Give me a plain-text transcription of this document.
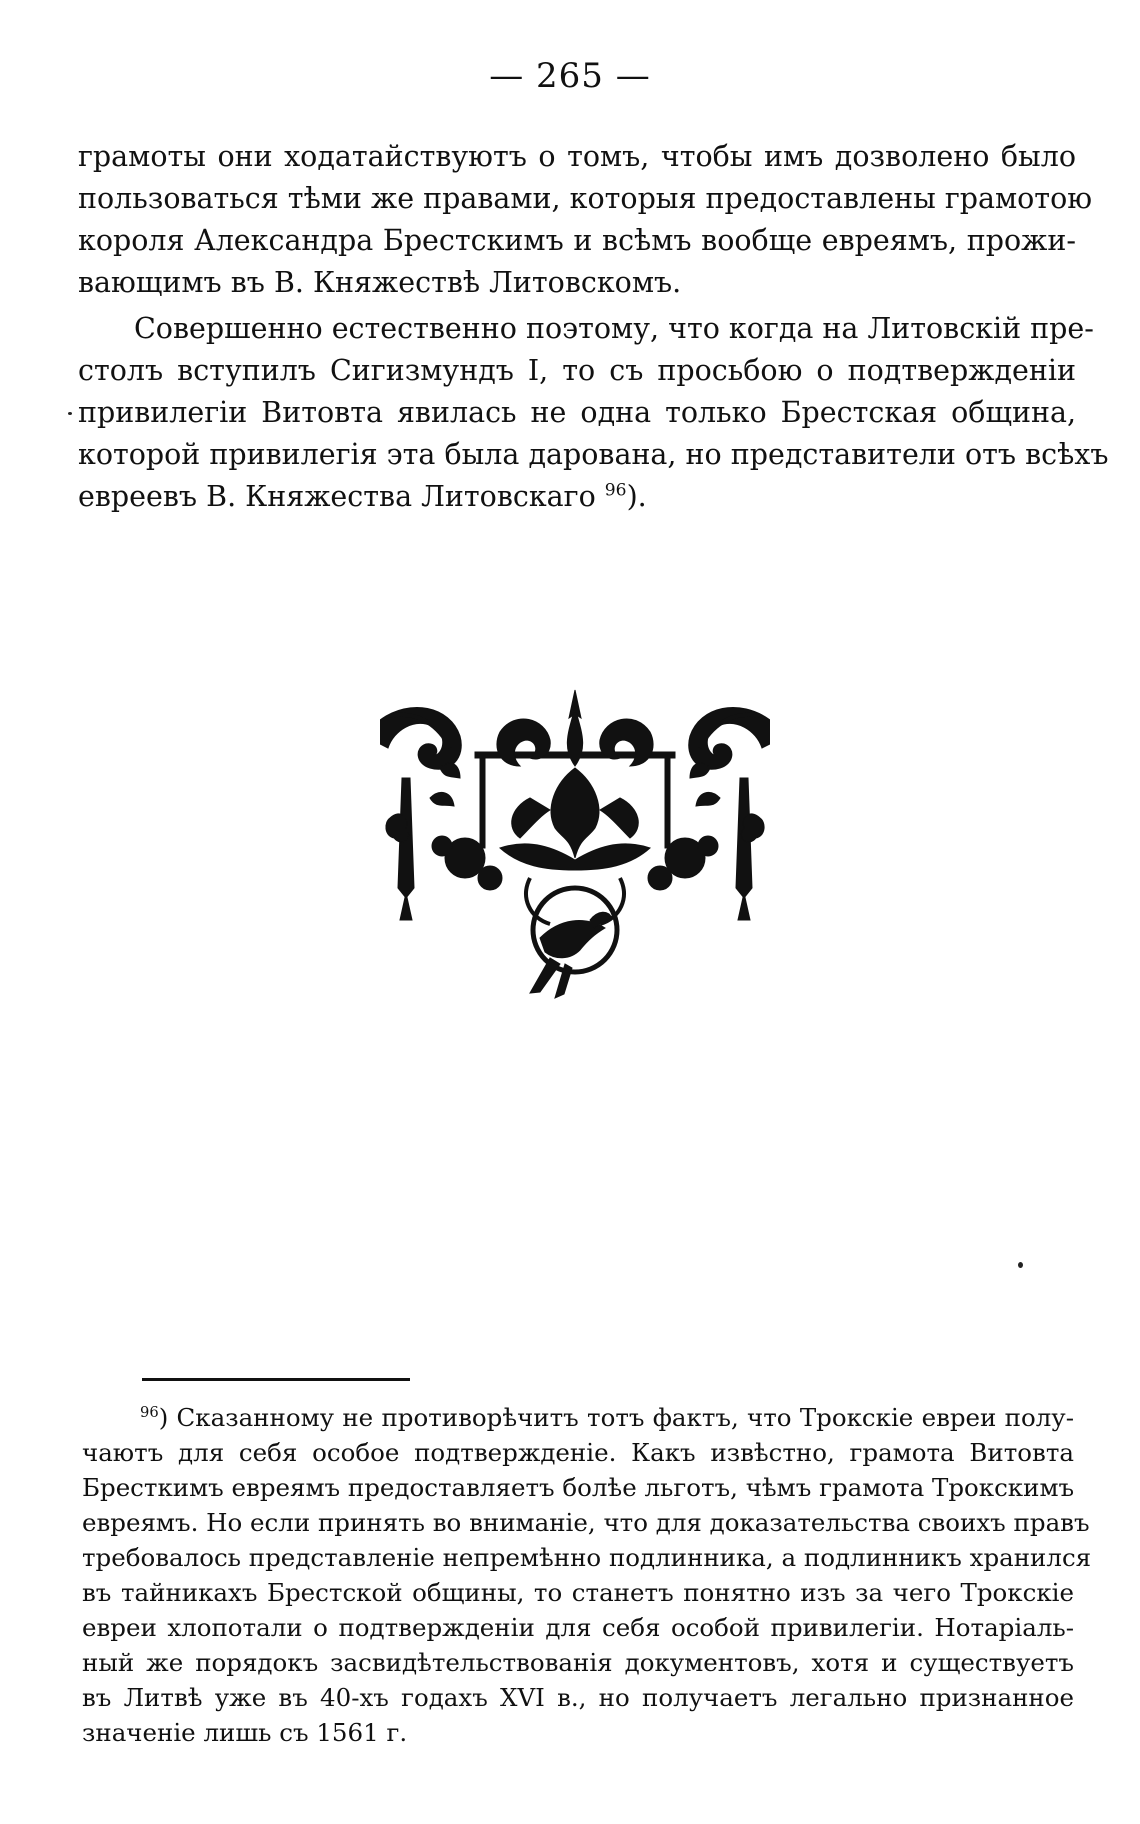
— 265 —

грамоты они ходатайствуютъ о томъ, чтобы имъ дозволено было
пользоваться тѣми же правами, которыя предоставлены грамотою
короля Александра Брестскимъ и всѣмъ вообще евреямъ, прожи-
вающимъ въ В. Княжествѣ Литовскомъ.

Совершенно естественно поэтому, что когда на Литовскій пре-
столъ вступилъ Сигизмундъ I, то съ просьбою о подтвержденіи
привилегіи Витовта явилась не одна только Брестская община,
которой привилегія эта была дарована, но представители отъ всѣхъ
евреевъ В. Княжества Литовскаго $^{96}$).

$^{96}$) Сказанному не противорѣчитъ тотъ фактъ, что Трокскіе евреи полу-
чаютъ для себя особое подтвержденіе. Какъ извѣстно, грамота Витовта
Бресткимъ евреямъ предоставляетъ болѣе льготъ, чѣмъ грамота Трокскимъ
евреямъ. Но если принять во вниманіе, что для доказательства своихъ правъ
требовалось представленіе непремѣнно подлинника, а подлинникъ хранился
въ тайникахъ Брестской общины, то станетъ понятно изъ за чего Трокскіе
евреи хлопотали о подтвержденіи для себя особой привилегіи. Нотаріаль-
ный же порядокъ засвидѣтельствованія документовъ, хотя и существуетъ
въ Литвѣ уже въ 40-хъ годахъ XVI в., но получаетъ легально признанное
значеніе лишь съ 1561 г.
